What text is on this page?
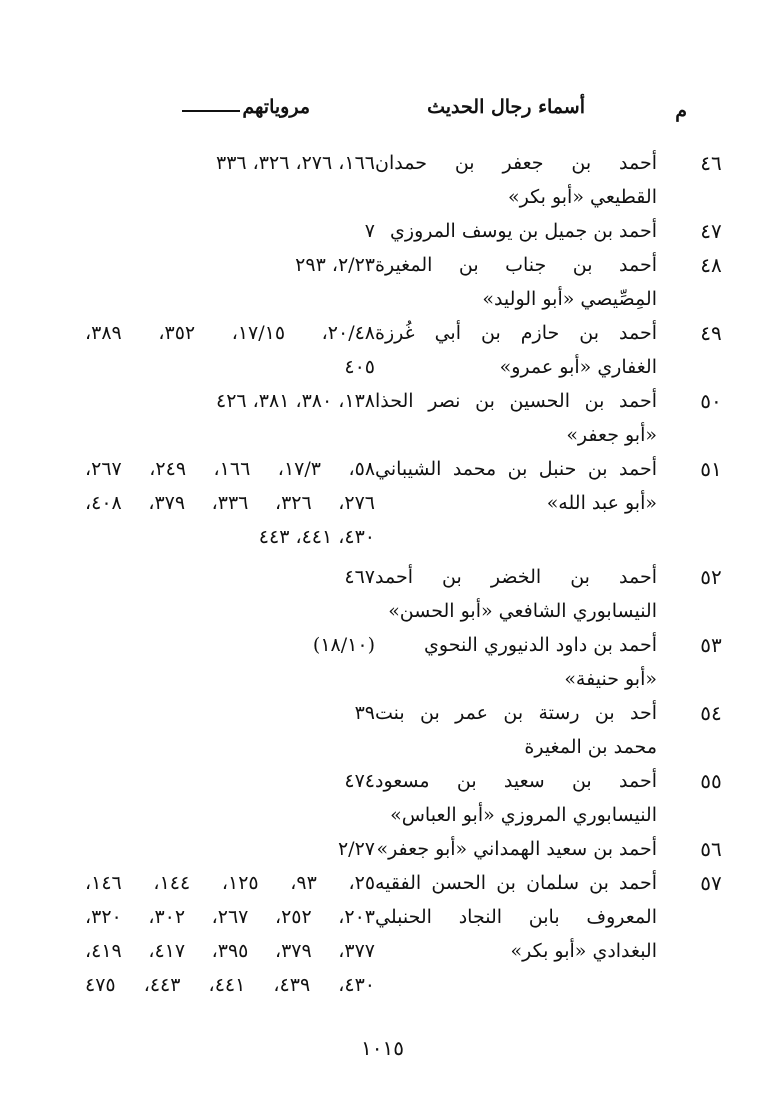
م
أسماء رجال الحديث
مروياتهم
٤٦
أحمد بن جعفر بن حمدان
القطيعي «أبو بكر»
١٦٦، ٢٧٦، ٣٢٦، ٣٣٦
٤٧
أحمد بن جميل بن يوسف المروزي
٧
٤٨
أحمد بن جناب بن المغيرة
المِصِّيصي «أبو الوليد»
٢/٢٣، ٢٩٣
٤٩
أحمد بن حازم بن أبي غُرزة
الغفاري «أبو عمرو»
٢٠/٤٨، ١٧/١٥، ٣٥٢، ٣٨٩،
٤٠٥
٥٠
أحمد بن الحسين بن نصر الحذا
«أبو جعفر»
١٣٨، ٣٨٠، ٣٨١، ٤٢٦
٥١
أحمد بن حنبل بن محمد الشيباني
«أبو عبد الله»
٥٨، ١٧/٣، ١٦٦، ٢٤٩، ٢٦٧،
٢٧٦، ٣٢٦، ٣٣٦، ٣٧٩، ٤٠٨،
٤٣٠، ٤٤١، ٤٤٣
٥٢
أحمد بن الخضر بن أحمد
النيسابوري الشافعي «أبو الحسن»
٤٦٧
٥٣
أحمد بن داود الدنيوري النحوي
«أبو حنيفة»
(١٨/١٠)
٥٤
أحد بن رستة بن عمر بن بنت
محمد بن المغيرة
٣٩
٥٥
أحمد بن سعيد بن مسعود
النيسابوري المروزي «أبو العباس»
٤٧٤
٥٦
أحمد بن سعيد الهمداني «أبو جعفر»
٢/٢٧
٥٧
أحمد بن سلمان بن الحسن الفقيه
المعروف بابن النجاد الحنبلي
البغدادي «أبو بكر»
٢٥، ٩٣، ١٢٥، ١٤٤، ١٤٦،
٢٠٣، ٢٥٢، ٢٦٧، ٣٠٢، ٣٢٠،
٣٧٧، ٣٧٩، ٣٩٥، ٤١٧، ٤١٩،
٤٣٠، ٤٣٩، ٤٤١، ٤٤٣، ٤٧٥
١٠١٥
